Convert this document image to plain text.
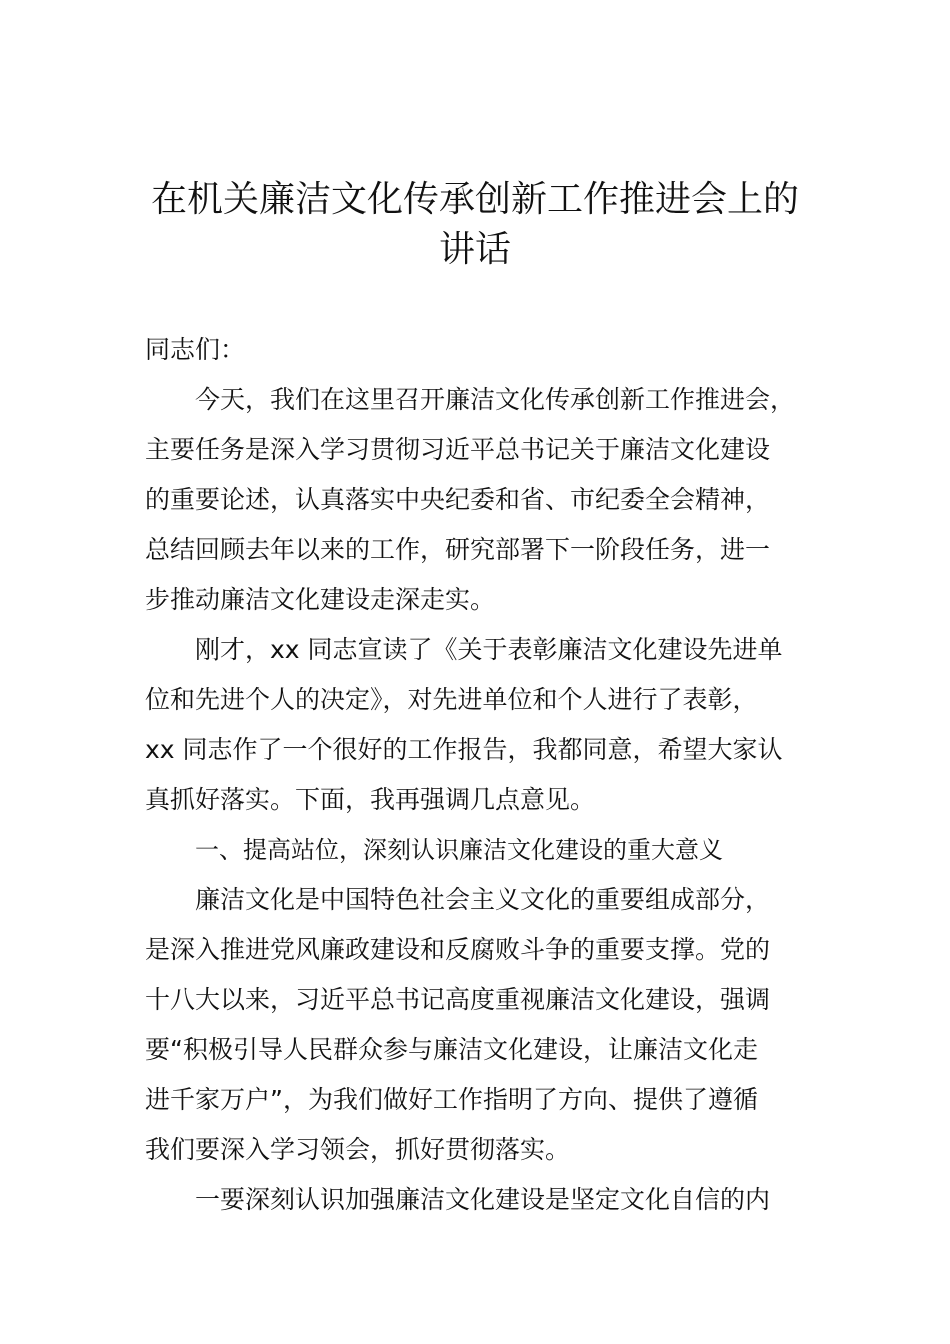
在机关廉洁文化传承创新工作推进会上的
讲话
同志们：
今天，我们在这里召开廉洁文化传承创新工作推进会，
主要任务是深入学习贯彻习近平总书记关于廉洁文化建设
的重要论述，认真落实中央纪委和省、市纪委全会精神，
总结回顾去年以来的工作，研究部署下一阶段任务，进一
步推动廉洁文化建设走深走实。
刚才，xx 同志宣读了《关于表彰廉洁文化建设先进单
位和先进个人的决定》，对先进单位和个人进行了表彰，
xx 同志作了一个很好的工作报告，我都同意，希望大家认
真抓好落实。下面，我再强调几点意见。
一、提高站位，深刻认识廉洁文化建设的重大意义
廉洁文化是中国特色社会主义文化的重要组成部分，
是深入推进党风廉政建设和反腐败斗争的重要支撑。党的
十八大以来，习近平总书记高度重视廉洁文化建设，强调
要“积极引导人民群众参与廉洁文化建设，让廉洁文化走
进千家万户”，为我们做好工作指明了方向、提供了遵循
我们要深入学习领会，抓好贯彻落实。
一要深刻认识加强廉洁文化建设是坚定文化自信的内
